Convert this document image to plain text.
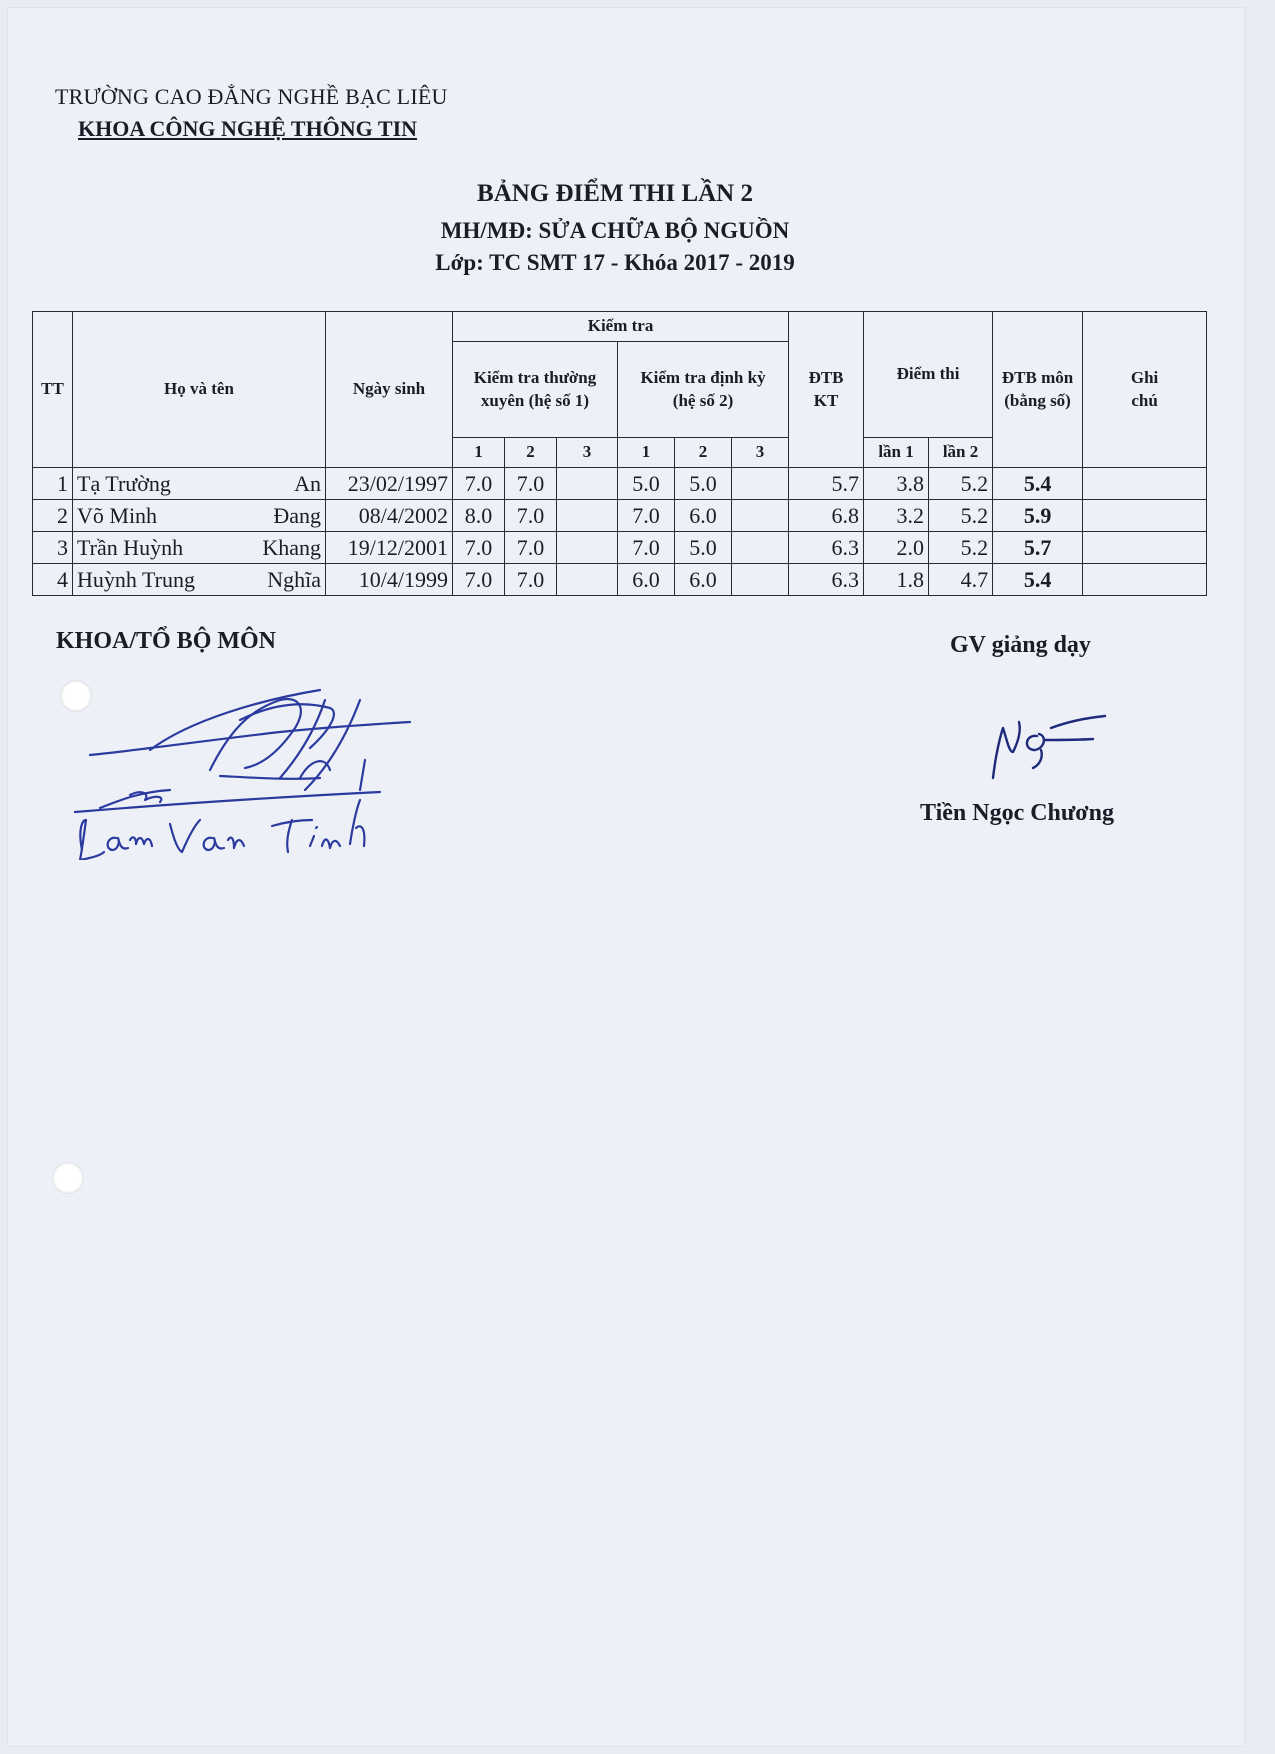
TRƯỜNG CAO ĐẲNG NGHỀ BẠC LIÊU
KHOA CÔNG NGHỆ THÔNG TIN
BẢNG ĐIỂM THI LẦN 2
MH/MĐ: SỬA CHỮA BỘ NGUỒN
Lớp: TC SMT 17 - Khóa 2017 - 2019
TT	Họ và tên	Ngày sinh	Kiểm tra						ĐTB KT	Điểm thi		ĐTB môn (bằng số)	Ghi chú
			Kiểm tra thường xuyên (hệ số 1)			Kiểm tra định kỳ (hệ số 2)							
			1	2	3	1	2	3		lần 1	lần 2		
1	Tạ Trường An	23/02/1997	7.0	7.0		5.0	5.0		5.7	3.8	5.2	5.4	
2	Võ Minh Đang	08/4/2002	8.0	7.0		7.0	6.0		6.8	3.2	5.2	5.9	
3	Trần Huỳnh Khang	19/12/2001	7.0	7.0		7.0	5.0		6.3	2.0	5.2	5.7	
4	Huỳnh Trung Nghĩa	10/4/1999	7.0	7.0		6.0	6.0		6.3	1.8	4.7	5.4	
KHOA/TỔ BỘ MÔN	GV giảng dạy
Tiền Ngọc Chương
